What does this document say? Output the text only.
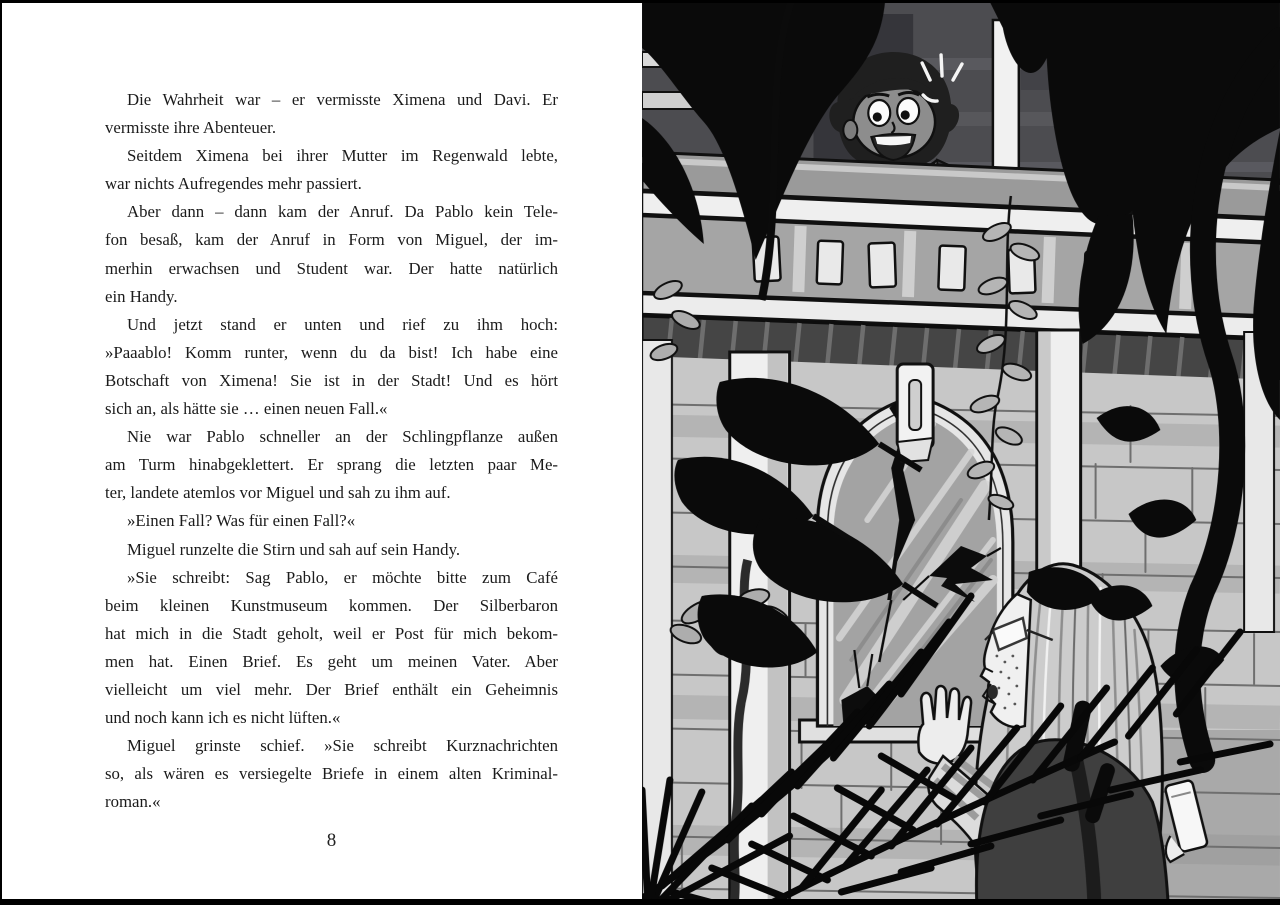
Die Wahrheit war – er vermisste Ximena und Davi. Er
vermisste ihre Abenteuer.
Seitdem Ximena bei ihrer Mutter im Regenwald lebte,
war nichts Aufregendes mehr passiert.
Aber dann – dann kam der Anruf. Da Pablo kein Tele-
fon besaß, kam der Anruf in Form von Miguel, der im-
merhin erwachsen und Student war. Der hatte natürlich
ein Handy.
Und jetzt stand er unten und rief zu ihm hoch:
»Paaablo! Komm runter, wenn du da bist! Ich habe eine
Botschaft von Ximena! Sie ist in der Stadt! Und es hört
sich an, als hätte sie … einen neuen Fall.«
Nie war Pablo schneller an der Schlingpflanze außen
am Turm hinabgeklettert. Er sprang die letzten paar Me-
ter, landete atemlos vor Miguel und sah zu ihm auf.
»Einen Fall? Was für einen Fall?«
Miguel runzelte die Stirn und sah auf sein Handy.
»Sie schreibt: Sag Pablo, er möchte bitte zum Café
beim kleinen Kunstmuseum kommen. Der Silberbaron
hat mich in die Stadt geholt, weil er Post für mich bekom-
men hat. Einen Brief. Es geht um meinen Vater. Aber
vielleicht um viel mehr. Der Brief enthält ein Geheimnis
und noch kann ich es nicht lüften.«
Miguel grinste schief. »Sie schreibt Kurznachrichten
so, als wären es versiegelte Briefe in einem alten Kriminal-
roman.«
8
